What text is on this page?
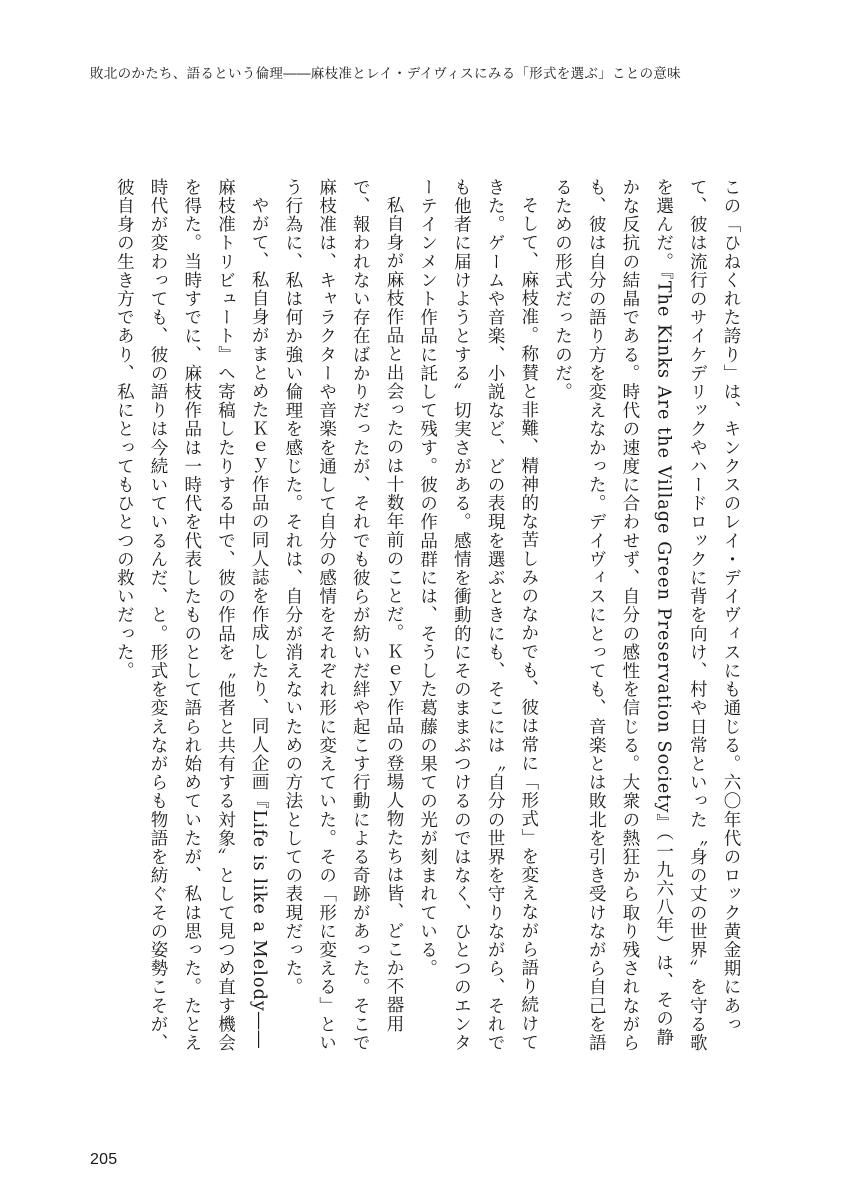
敗北のかたち、語るという倫理――麻枝准とレイ・デイヴィスにみる「形式を選ぶ」ことの意味

この「ひねくれた誇り」は、キンクスのレイ・デイヴィスにも通じる。六〇年代のロック黄金期にあって、彼は流行のサイケデリックやハードロックに背を向け、村や日常といった〝身の丈の世界〟を守る歌を選んだ。『The Kinks Are the Village Green Preservation Society』（一九六八年）は、その静かな反抗の結晶である。時代の速度に合わせず、自分の感性を信じる。大衆の熱狂から取り残されながらも、彼は自分の語り方を変えなかった。デイヴィスにとっても、音楽とは敗北を引き受けながら自己を語るための形式だったのだ。

そして、麻枝准。称賛と非難、精神的な苦しみのなかでも、彼は常に「形式」を変えながら語り続けてきた。ゲームや音楽、小説など、どの表現を選ぶときにも、そこには〝自分の世界を守りながら、それでも他者に届けようとする〟切実さがある。感情を衝動的にそのままぶつけるのではなく、ひとつのエンターテインメント作品に託して残す。彼の作品群には、そうした葛藤の果ての光が刻まれている。

私自身が麻枝作品と出会ったのは十数年前のことだ。Ｋｅｙ作品の登場人物たちは皆、どこか不器用で、報われない存在ばかりだったが、それでも彼らが紡いだ絆や起こす行動による奇跡があった。そこで麻枝准は、キャラクターや音楽を通して自分の感情をそれぞれ形に変えていた。その「形に変える」という行為に、私は何か強い倫理を感じた。それは、自分が消えないための方法としての表現だった。

やがて、私自身がまとめたＫｅｙ作品の同人誌を作成したり、同人企画『Life is like a Melody――麻枝准トリビュート』へ寄稿したりする中で、彼の作品を〝他者と共有する対象〟として見つめ直す機会を得た。当時すでに、麻枝作品は一時代を代表したものとして語られ始めていたが、私は思った。たとえ時代が変わっても、彼の語りは今続いているんだ、と。形式を変えながらも物語を紡ぐその姿勢こそが、彼自身の生き方であり、私にとってもひとつの救いだった。

205
